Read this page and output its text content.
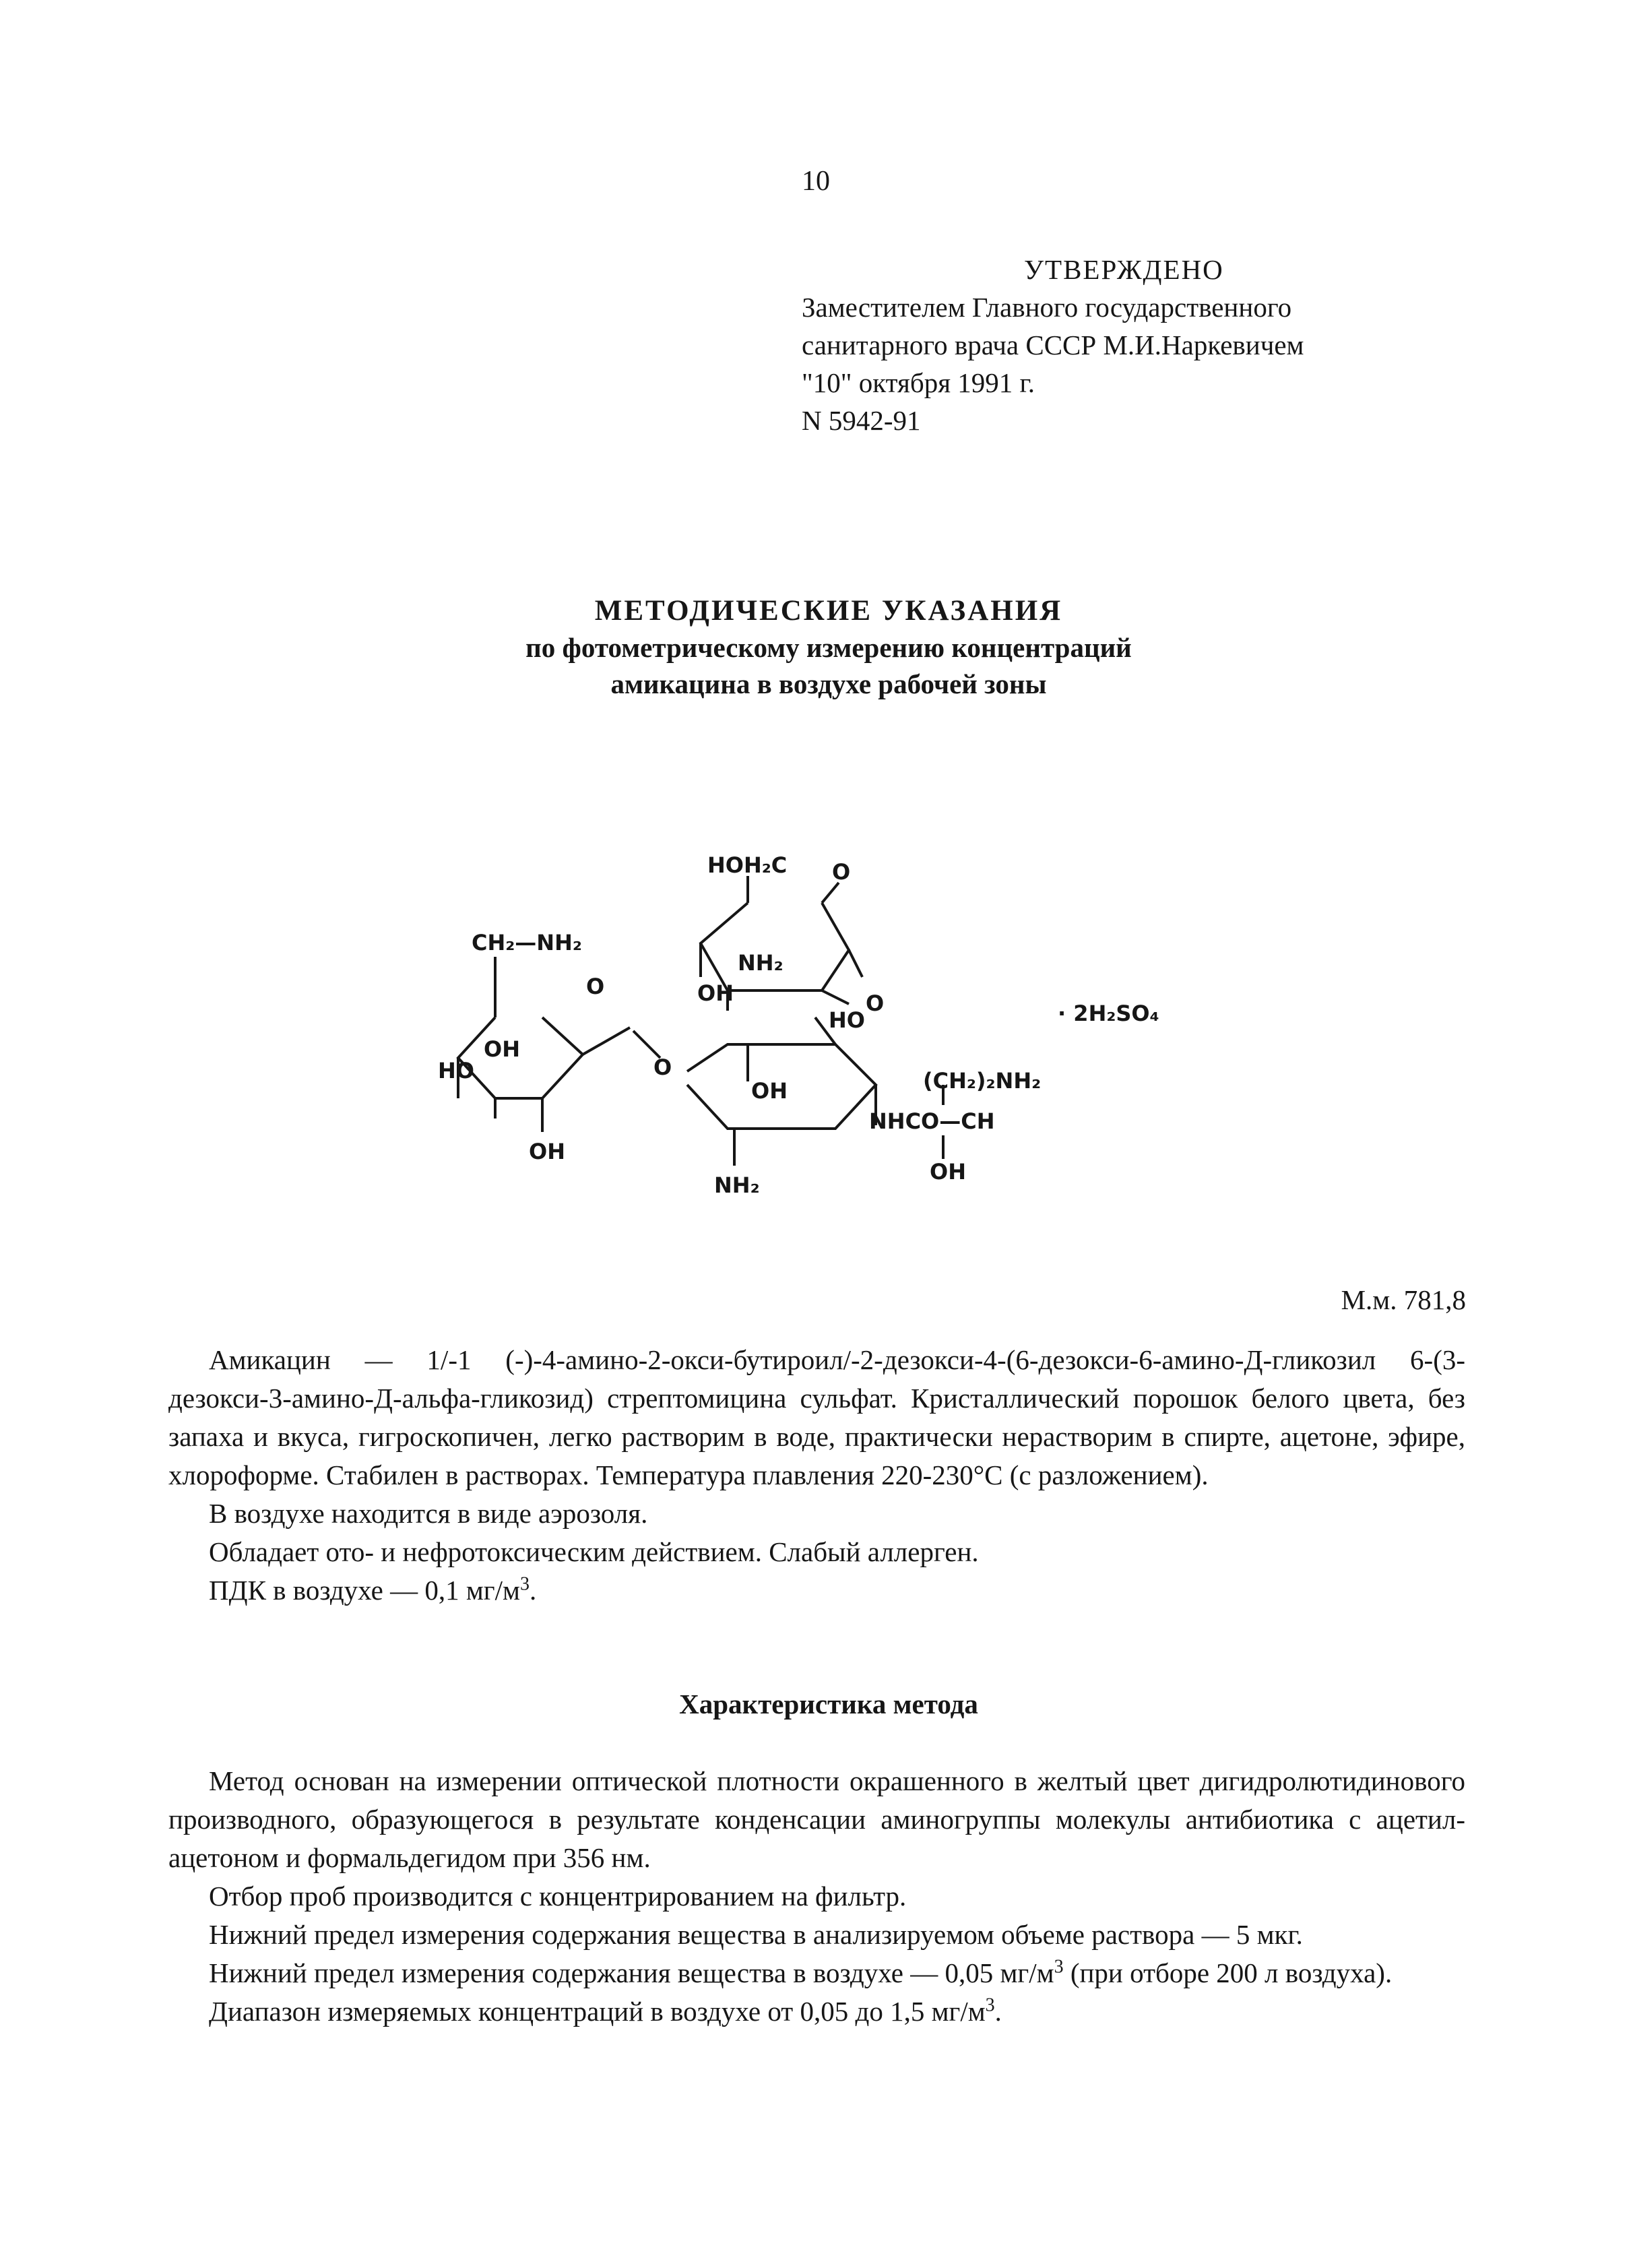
10
УТВЕРЖДЕНО
Заместителем Главного государственного
санитарного врача СССР М.И.Наркевичем
"10" октября 1991 г.
N 5942-91
МЕТОДИЧЕСКИЕ УКАЗАНИЯ
по фотометрическому измерению концентраций
амикацина в воздухе рабочей зоны
CH₂—NH₂
O
OH
HO
OH
O
HOH₂C O
NH₂
OH
HO
O
OH
NH₂
(CH₂)₂NH₂
NHCO—CH
OH
· 2H₂SO₄
М.м. 781,8

Амикацин — 1/-1 (-)-4-амино-2-окси-бутироил/-2-дезокси-4-(6-дезокси-6-амино-Д-гликозил 6-(3-дезокси-3-амино-Д-альфа-гликозид) стрептомицина сульфат. Кристаллический порошок белого цвета, без запаха и вкуса, гигроскопичен, легко растворим в воде, практически нерастворим в спирте, ацетоне, эфире, хлороформе. Стабилен в растворах. Температура плавления 220-230°С (с разложением).

В воздухе находится в виде аэрозоля.

Обладает ото- и нефротоксическим действием. Слабый аллерген.

ПДК в воздухе — 0,1 $мг/м^3$.

Характеристика метода

Метод основан на измерении оптической плотности окрашенного в желтый цвет дигидролютидинового производного, образующегося в результате конденсации аминогруппы молекулы антибиотика с ацетил-ацетоном и формальдегидом при 356 нм.

Отбор проб производится с концентрированием на фильтр.

Нижний предел измерения содержания вещества в анализируемом объеме раствора — 5 мкг.

Нижний предел измерения содержания вещества в воздухе — 0,05 $мг/м^3$ (при отборе 200 л воздуха).

Диапазон измеряемых концентраций в воздухе от 0,05 до 1,5 $мг/м^3$.
